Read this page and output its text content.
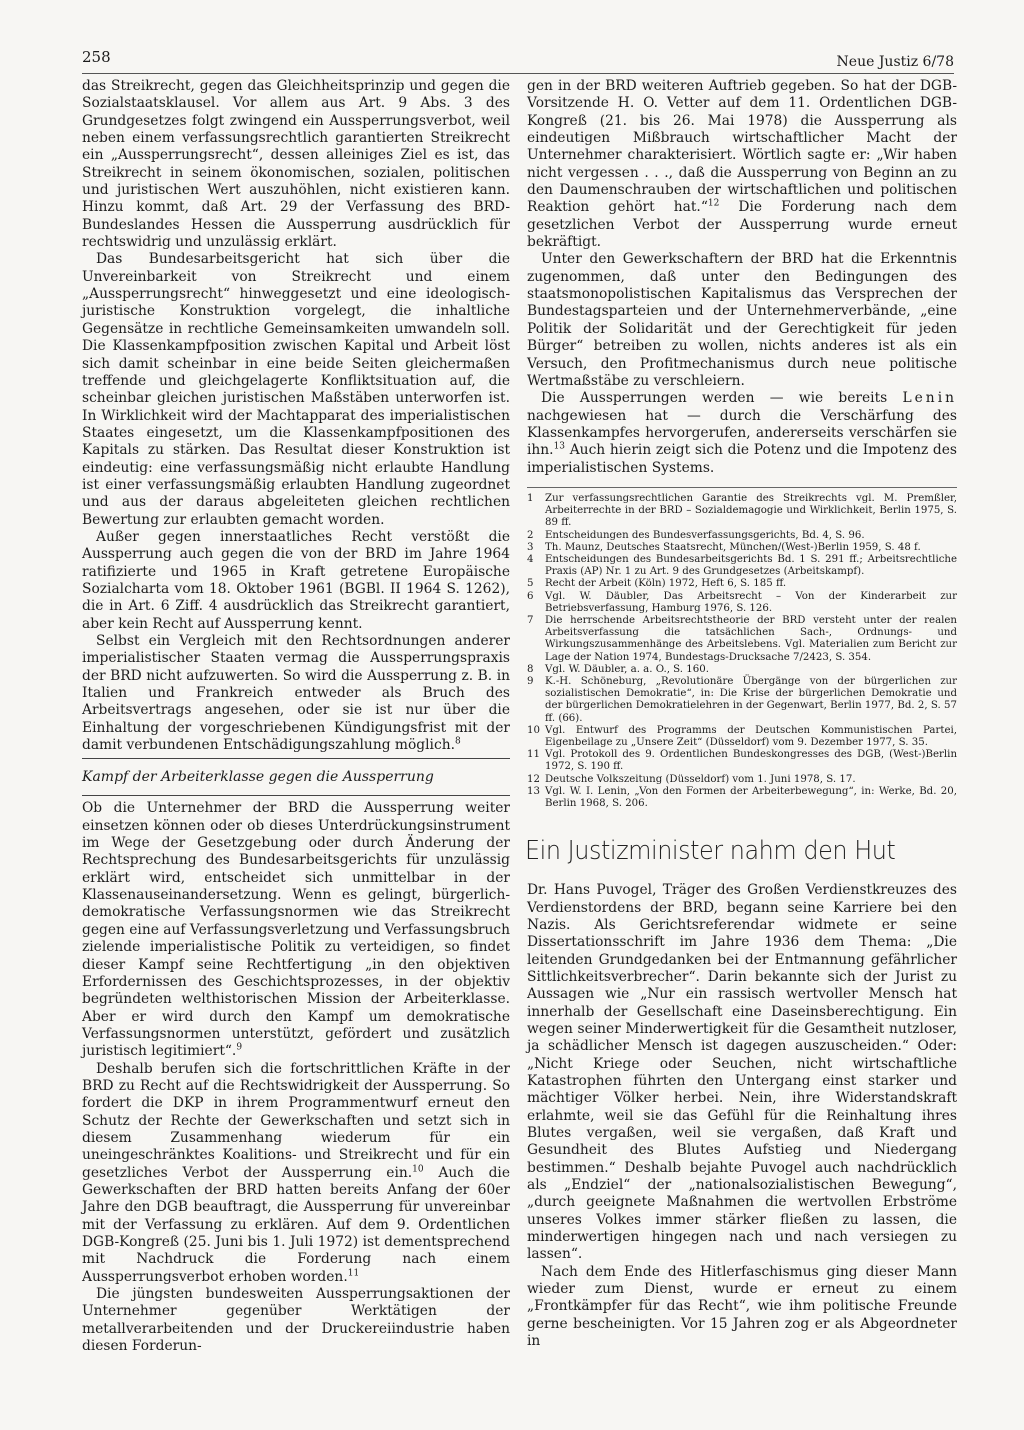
258	Neue Justiz 6/78

das Streikrecht, gegen das Gleichheitsprinzip und gegen die Sozialstaatsklausel. Vor allem aus Art. 9 Abs. 3 des Grundgesetzes folgt zwingend ein Aussperrungsverbot, weil neben einem verfassungsrechtlich garantierten Streikrecht ein „Aussperrungsrecht“, dessen alleiniges Ziel es ist, das Streikrecht in seinem ökonomischen, sozialen, politischen und juristischen Wert auszuhöhlen, nicht existieren kann. Hinzu kommt, daß Art. 29 der Verfassung des BRD-Bundeslandes Hessen die Aussperrung ausdrücklich für rechtswidrig und unzulässig erklärt.

Das Bundesarbeitsgericht hat sich über die Unvereinbarkeit von Streikrecht und einem „Aussperrungsrecht“ hinweggesetzt und eine ideologisch-juristische Konstruktion vorgelegt, die inhaltliche Gegensätze in rechtliche Gemeinsamkeiten umwandeln soll. Die Klassenkampfposition zwischen Kapital und Arbeit löst sich damit scheinbar in eine beide Seiten gleichermaßen treffende und gleichgelagerte Konfliktsituation auf, die scheinbar gleichen juristischen Maßstäben unterworfen ist. In Wirklichkeit wird der Machtapparat des imperialistischen Staates eingesetzt, um die Klassenkampfpositionen des Kapitals zu stärken. Das Resultat dieser Konstruktion ist eindeutig: eine verfassungsmäßig nicht erlaubte Handlung ist einer verfassungsmäßig erlaubten Handlung zugeordnet und aus der daraus abgeleiteten gleichen rechtlichen Bewertung zur erlaubten gemacht worden.

Außer gegen innerstaatliches Recht verstößt die Aussperrung auch gegen die von der BRD im Jahre 1964 ratifizierte und 1965 in Kraft getretene Europäische Sozialcharta vom 18. Oktober 1961 (BGBl. II 1964 S. 1262), die in Art. 6 Ziff. 4 ausdrücklich das Streikrecht garantiert, aber kein Recht auf Aussperrung kennt.

Selbst ein Vergleich mit den Rechtsordnungen anderer imperialistischer Staaten vermag die Aussperrungspraxis der BRD nicht aufzuwerten. So wird die Aussperrung z. B. in Italien und Frankreich entweder als Bruch des Arbeitsvertrags angesehen, oder sie ist nur über die Einhaltung der vorgeschriebenen Kündigungsfrist mit der damit verbundenen Entschädigungszahlung möglich.$^8$

Kampf der Arbeiterklasse gegen die Aussperrung

Ob die Unternehmer der BRD die Aussperrung weiter einsetzen können oder ob dieses Unterdrückungsinstrument im Wege der Gesetzgebung oder durch Änderung der Rechtsprechung des Bundesarbeitsgerichts für unzulässig erklärt wird, entscheidet sich unmittelbar in der Klassenauseinandersetzung. Wenn es gelingt, bürgerlich-demokratische Verfassungsnormen wie das Streikrecht gegen eine auf Verfassungsverletzung und Verfassungsbruch zielende imperialistische Politik zu verteidigen, so findet dieser Kampf seine Rechtfertigung „in den objektiven Erfordernissen des Geschichtsprozesses, in der objektiv begründeten welthistorischen Mission der Arbeiterklasse. Aber er wird durch den Kampf um demokratische Verfassungsnormen unterstützt, gefördert und zusätzlich juristisch legitimiert“.$^9$

Deshalb berufen sich die fortschrittlichen Kräfte in der BRD zu Recht auf die Rechtswidrigkeit der Aussperrung. So fordert die DKP in ihrem Programmentwurf erneut den Schutz der Rechte der Gewerkschaften und setzt sich in diesem Zusammenhang wiederum für ein uneingeschränktes Koalitions- und Streikrecht und für ein gesetzliches Verbot der Aussperrung ein.$^{10}$ Auch die Gewerkschaften der BRD hatten bereits Anfang der 60er Jahre den DGB beauftragt, die Aussperrung für unvereinbar mit der Verfassung zu erklären. Auf dem 9. Ordentlichen DGB-Kongreß (25. Juni bis 1. Juli 1972) ist dementsprechend mit Nachdruck die Forderung nach einem Aussperrungsverbot erhoben worden.$^{11}$

Die jüngsten bundesweiten Aussperrungsaktionen der Unternehmer gegenüber Werktätigen der metallverarbeitenden und der Druckereiindustrie haben diesen Forderun-

gen in der BRD weiteren Auftrieb gegeben. So hat der DGB-Vorsitzende H. O. Vetter auf dem 11. Ordentlichen DGB-Kongreß (21. bis 26. Mai 1978) die Aussperrung als eindeutigen Mißbrauch wirtschaftlicher Macht der Unternehmer charakterisiert. Wörtlich sagte er: „Wir haben nicht vergessen . . ., daß die Aussperrung von Beginn an zu den Daumenschrauben der wirtschaftlichen und politischen Reaktion gehört hat.“$^{12}$ Die Forderung nach dem gesetzlichen Verbot der Aussperrung wurde erneut bekräftigt.

Unter den Gewerkschaftern der BRD hat die Erkenntnis zugenommen, daß unter den Bedingungen des staatsmonopolistischen Kapitalismus das Versprechen der Bundestagsparteien und der Unternehmerverbände, „eine Politik der Solidarität und der Gerechtigkeit für jeden Bürger“ betreiben zu wollen, nichts anderes ist als ein Versuch, den Profitmechanismus durch neue politische Wertmaßstäbe zu verschleiern.

Die Aussperrungen werden — wie bereits Lenin nachgewiesen hat — durch die Verschärfung des Klassenkampfes hervorgerufen, andererseits verschärfen sie ihn.$^{13}$ Auch hierin zeigt sich die Potenz und die Impotenz des imperialistischen Systems.

1	Zur verfassungsrechtlichen Garantie des Streikrechts vgl. M. Premßler, Arbeiterrechte in der BRD – Sozialdemagogie und Wirklichkeit, Berlin 1975, S. 89 ff.
2	Entscheidungen des Bundesverfassungsgerichts, Bd. 4, S. 96.
3	Th. Maunz, Deutsches Staatsrecht, München/(West-)Berlin 1959, S. 48 f.
4	Entscheidungen des Bundesarbeitsgerichts Bd. 1 S. 291 ff.; Arbeitsrechtliche Praxis (AP) Nr. 1 zu Art. 9 des Grundgesetzes (Arbeitskampf).
5	Recht der Arbeit (Köln) 1972, Heft 6, S. 185 ff.
6	Vgl. W. Däubler, Das Arbeitsrecht – Von der Kinderarbeit zur Betriebsverfassung, Hamburg 1976, S. 126.
7	Die herrschende Arbeitsrechtstheorie der BRD versteht unter der realen Arbeitsverfassung die tatsächlichen Sach-, Ordnungs- und Wirkungszusammenhänge des Arbeitslebens. Vgl. Materialien zum Bericht zur Lage der Nation 1974, Bundestags-Drucksache 7/2423, S. 354.
8	Vgl. W. Däubler, a. a. O., S. 160.
9	K.-H. Schöneburg, „Revolutionäre Übergänge von der bürgerlichen zur sozialistischen Demokratie“, in: Die Krise der bürgerlichen Demokratie und der bürgerlichen Demokratielehren in der Gegenwart, Berlin 1977, Bd. 2, S. 57 ff. (66).
10 Vgl. Entwurf des Programms der Deutschen Kommunistischen Partei, Eigenbeilage zu „Unsere Zeit“ (Düsseldorf) vom 9. Dezember 1977, S. 35.
11 Vgl. Protokoll des 9. Ordentlichen Bundeskongresses des DGB, (West-)Berlin 1972, S. 190 ff.
12 Deutsche Volkszeitung (Düsseldorf) vom 1. Juni 1978, S. 17.
13 Vgl. W. I. Lenin, „Von den Formen der Arbeiterbewegung“, in: Werke, Bd. 20, Berlin 1968, S. 206.
Ein Justizminister nahm den Hut

Dr. Hans Puvogel, Träger des Großen Verdienstkreuzes des Verdienstordens der BRD, begann seine Karriere bei den Nazis. Als Gerichtsreferendar widmete er seine Dissertationsschrift im Jahre 1936 dem Thema: „Die leitenden Grundgedanken bei der Entmannung gefährlicher Sittlichkeitsverbrecher“. Darin bekannte sich der Jurist zu Aussagen wie „Nur ein rassisch wertvoller Mensch hat innerhalb der Gesellschaft eine Daseinsberechtigung. Ein wegen seiner Minderwertigkeit für die Gesamtheit nutzloser, ja schädlicher Mensch ist dagegen auszuscheiden.“ Oder: „Nicht Kriege oder Seuchen, nicht wirtschaftliche Katastrophen führten den Untergang einst starker und mächtiger Völker herbei. Nein, ihre Widerstandskraft erlahmte, weil sie das Gefühl für die Reinhaltung ihres Blutes vergaßen, weil sie vergaßen, daß Kraft und Gesundheit des Blutes Aufstieg und Niedergang bestimmen.“ Deshalb bejahte Puvogel auch nachdrücklich als „Endziel“ der „nationalsozialistischen Bewegung“, „durch geeignete Maßnahmen die wertvollen Erbströme unseres Volkes immer stärker fließen zu lassen, die minderwertigen hingegen nach und nach versiegen zu lassen“.

Nach dem Ende des Hitlerfaschismus ging dieser Mann wieder zum Dienst, wurde er erneut zu einem „Frontkämpfer für das Recht“, wie ihm politische Freunde gerne bescheinigten. Vor 15 Jahren zog er als Abgeordneter in
